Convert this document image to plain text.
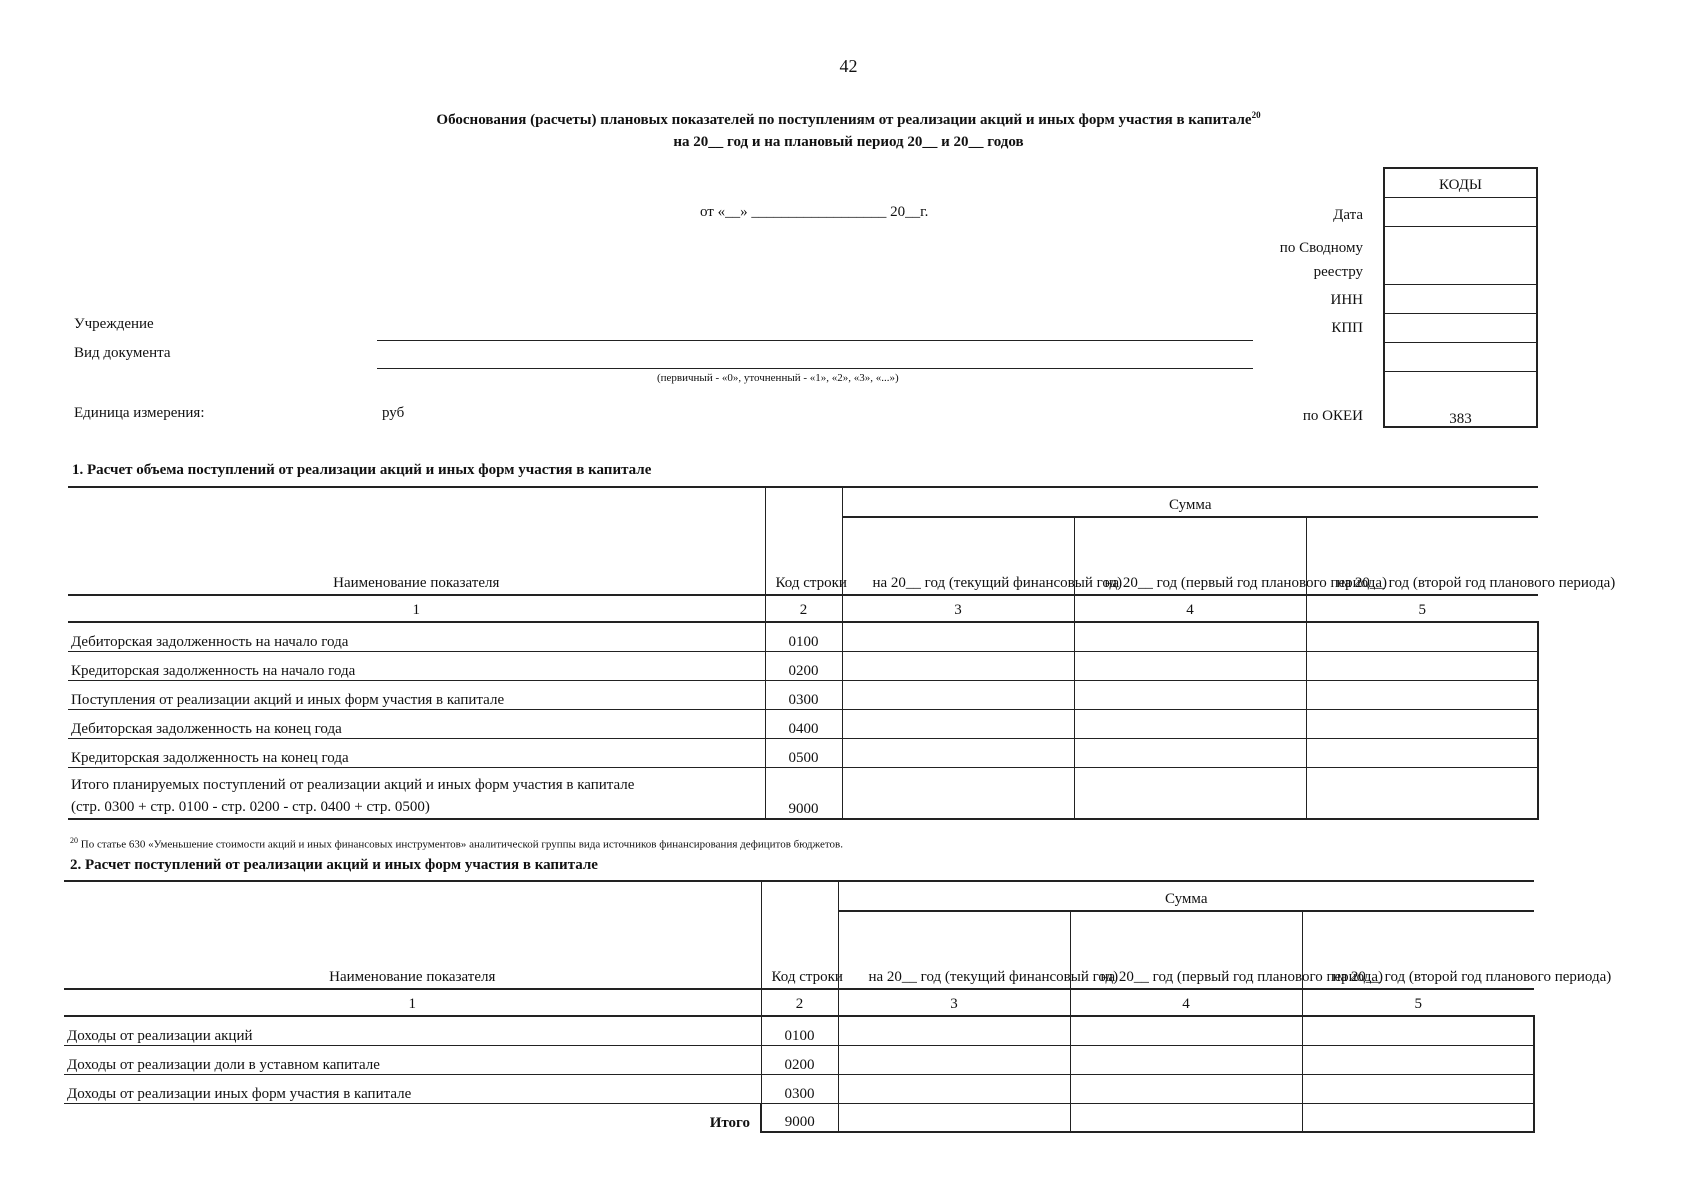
42
Обоснования (расчеты) плановых показателей по поступлениям от реализации акций и иных форм участия в капитале$^{20}$
на 20__ год и на плановый период 20__ и 20__ годов
от «__» __________________ 20__г.	Дата
по Сводному
реестру
ИНН
КПП
по ОКЕИ
КОДЫ
383
Учреждение
Вид документа
(первичный - «0», уточненный - «1», «2», «3», «...»)
Единица измерения:	руб
1. Расчет объема поступлений от реализации акций и иных форм участия в капитале
Наименование показателя	Код строки	Сумма		
		на 20__ год (текущий финансовый год)	на 20__ год (первый год планового периода)	на 20__ год (второй год планового периода)
1	2	3	4	5
Дебиторская задолженность на начало года	0100			
Кредиторская задолженность на начало года	0200			
Поступления от реализации акций и иных форм участия в капитале	0300			
Дебиторская задолженность на конец года	0400			
Кредиторская задолженность на конец года	0500			

Итого планируемых поступлений от реализации акций и иных форм участия в капитале
(стр. 0300 + стр. 0100 - стр. 0200 - стр. 0400 + стр. 0500)	9000			
$^{20}$ По статье 630 «Уменьшение стоимости акций и иных финансовых инструментов» аналитической группы вида источников финансирования дефицитов бюджетов.
2. Расчет поступлений от реализации акций и иных форм участия в капитале
Наименование показателя	Код строки	Сумма		
		на 20__ год (текущий финансовый год)	на 20__ год (первый год планового периода)	на 20__ год (второй год планового периода)
1	2	3	4	5
Доходы от реализации акций	0100			
Доходы от реализации доли в уставном капитале	0200			
Доходы от реализации иных форм участия в капитале	0300			
Итого	9000			
